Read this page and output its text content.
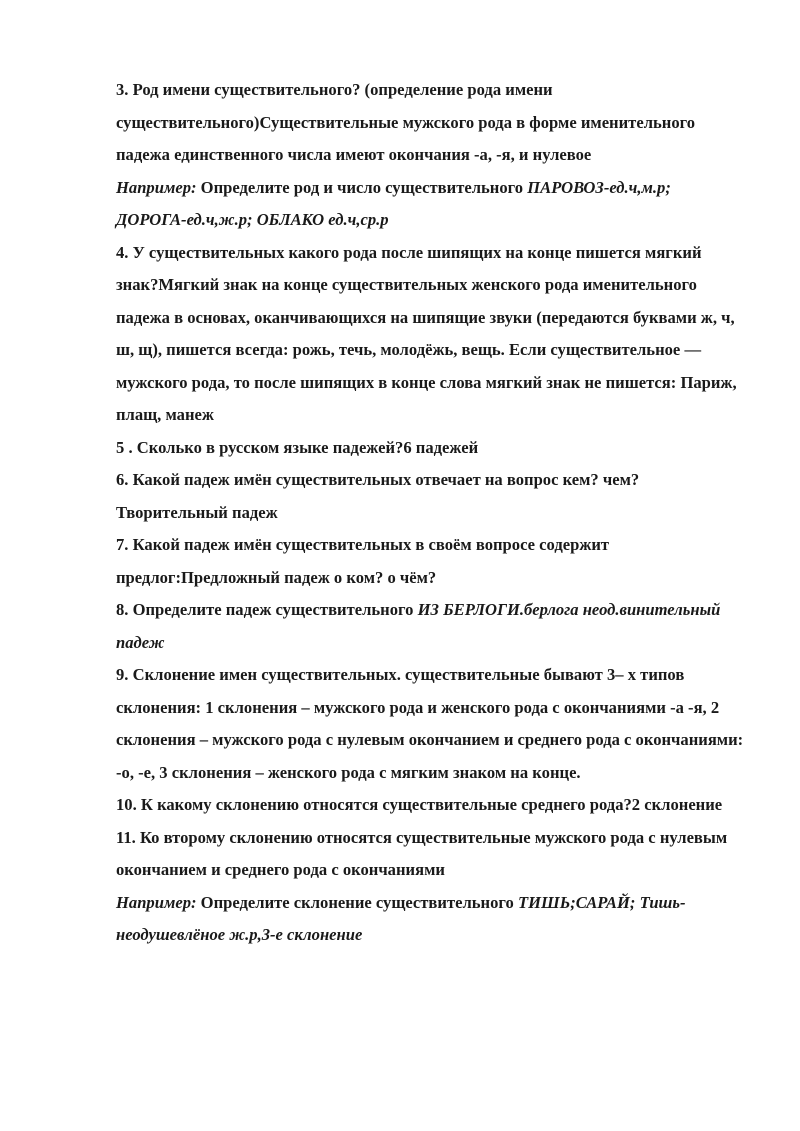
3. Род имени существительного? (определение рода имени существительного)Существительные мужского рода в форме именительного падежа единственного числа имеют окончания -а, -я, и нулевое

Например: Определите род и число существительного ПАРОВОЗ-ед.ч,м.р; ДОРОГА-ед.ч,ж.р; ОБЛАКО ед.ч,ср.р

4. У существительных какого рода после шипящих на конце пишется мягкий знак?Мягкий знак на конце существительных женского рода именительного падежа в основах, оканчивающихся на шипящие звуки (передаются буквами ж, ч, ш, щ), пишется всегда: рожь, течь, молодёжь, вещь. Если существительное — мужского рода, то после шипящих в конце слова мягкий знак не пишется: Париж, плащ, манеж

5 . Сколько в русском языке падежей?6 падежей

6. Какой падеж имён существительных отвечает на вопрос кем? чем? Творительный падеж

7. Какой падеж имён существительных в своём вопросе содержит предлог:Предложный падеж о ком? о чём?

8. Определите падеж существительного ИЗ БЕРЛОГИ.берлога неод.винительный падеж

9. Склонение имен существительных. существительные бывают 3– х типов склонения: 1 склонения – мужского рода и женского рода с окончаниями -а -я, 2 склонения – мужского рода с нулевым окончанием и среднего рода с окончаниями: -о, -е, 3 склонения – женского рода с мягким знаком на конце.

10. К какому склонению относятся существительные среднего рода?2 склонение

11. Ко второму склонению относятся существительные мужского рода с нулевым окончанием и среднего рода с окончаниями

Например: Определите склонение существительного ТИШЬ;САРАЙ; Тишь- неодушевлёное ж.р,3-е склонение
